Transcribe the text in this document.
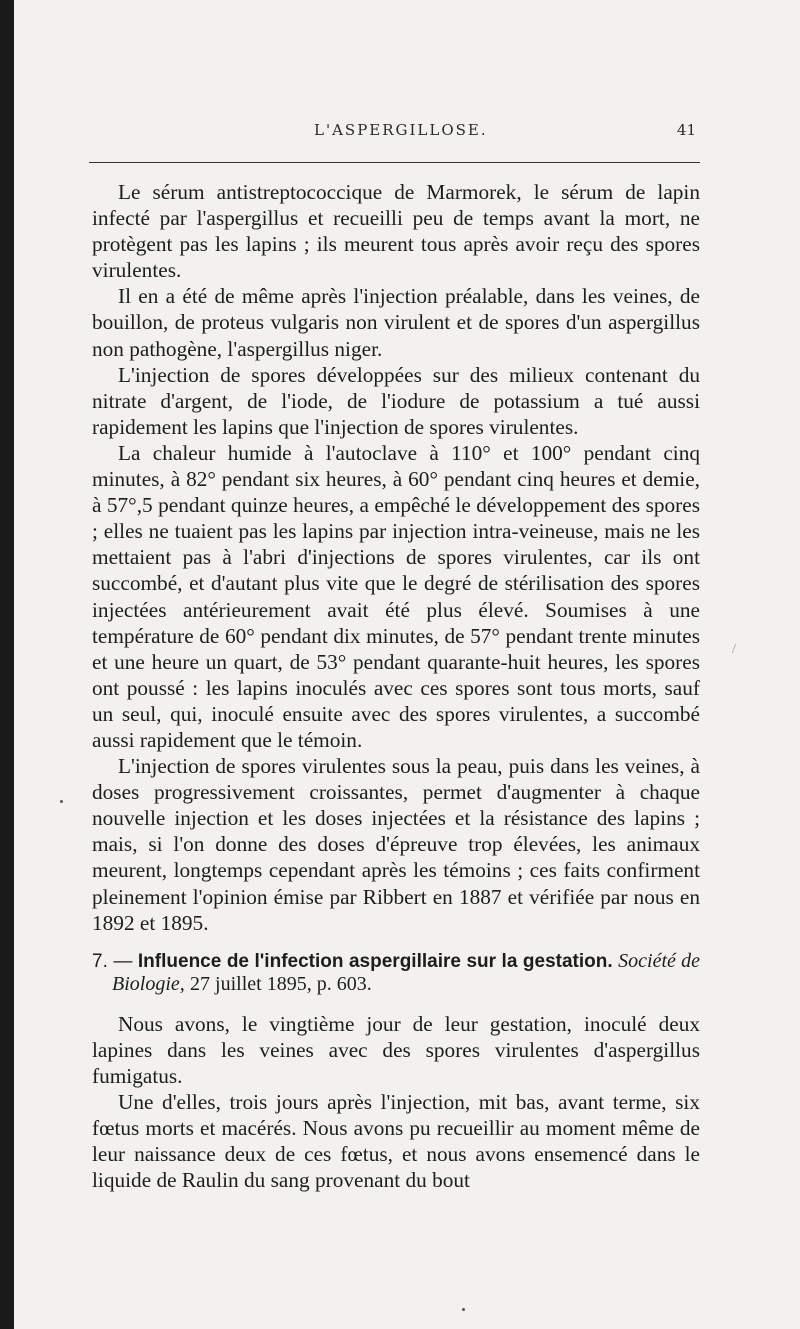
L'ASPERGILLOSE.	41

Le sérum antistreptococcique de Marmorek, le sérum de lapin infecté par l'aspergillus et recueilli peu de temps avant la mort, ne protègent pas les lapins ; ils meurent tous après avoir reçu des spores virulentes.

Il en a été de même après l'injection préalable, dans les veines, de bouillon, de proteus vulgaris non virulent et de spores d'un aspergillus non pathogène, l'aspergillus niger.

L'injection de spores développées sur des milieux contenant du nitrate d'argent, de l'iode, de l'iodure de potassium a tué aussi rapidement les lapins que l'injection de spores virulentes.

La chaleur humide à l'autoclave à 110° et 100° pendant cinq minutes, à 82° pendant six heures, à 60° pendant cinq heures et demie, à 57°,5 pendant quinze heures, a empêché le développement des spores ; elles ne tuaient pas les lapins par injection intra-veineuse, mais ne les mettaient pas à l'abri d'injections de spores virulentes, car ils ont succombé, et d'autant plus vite que le degré de stérilisation des spores injectées antérieurement avait été plus élevé. Soumises à une température de 60° pendant dix minutes, de 57° pendant trente minutes et une heure un quart, de 53° pendant quarante-huit heures, les spores ont poussé : les lapins inoculés avec ces spores sont tous morts, sauf un seul, qui, inoculé ensuite avec des spores virulentes, a succombé aussi rapidement que le témoin.

L'injection de spores virulentes sous la peau, puis dans les veines, à doses progressivement croissantes, permet d'augmenter à chaque nouvelle injection et les doses injectées et la résistance des lapins ; mais, si l'on donne des doses d'épreuve trop élevées, les animaux meurent, longtemps cependant après les témoins ; ces faits confirment pleinement l'opinion émise par Ribbert en 1887 et vérifiée par nous en 1892 et 1895.

7. — Influence de l'infection aspergillaire sur la gestation. Société de Biologie, 27 juillet 1895, p. 603.

Nous avons, le vingtième jour de leur gestation, inoculé deux lapines dans les veines avec des spores virulentes d'aspergillus fumigatus.

Une d'elles, trois jours après l'injection, mit bas, avant terme, six fœtus morts et macérés. Nous avons pu recueillir au moment même de leur naissance deux de ces fœtus, et nous avons ensemencé dans le liquide de Raulin du sang provenant du bout

/
